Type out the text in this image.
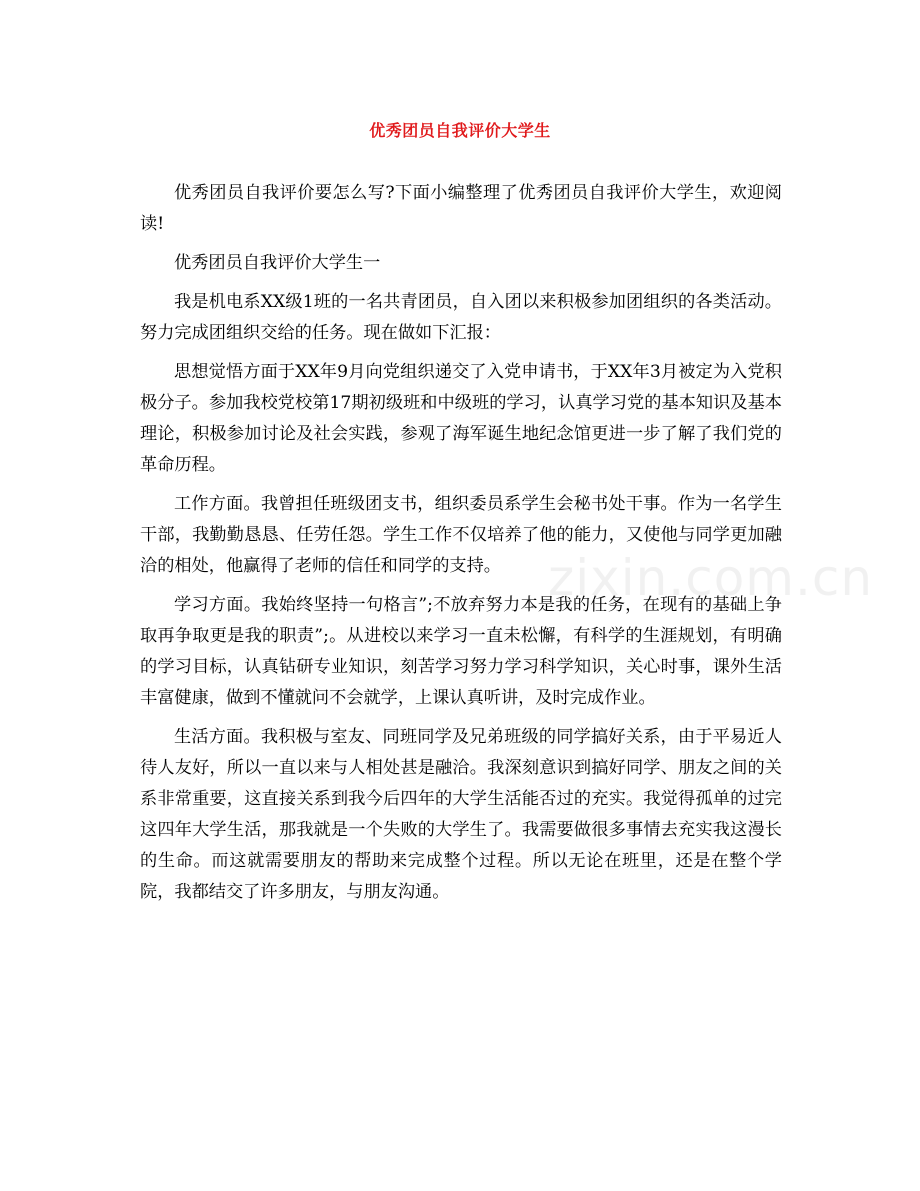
优秀团员自我评价大学生

优秀团员自我评价要怎么写?下面小编整理了优秀团员自我评价大学生，欢迎阅读!

优秀团员自我评价大学生一

我是机电系XX级1班的一名共青团员，自入团以来积极参加团组织的各类活动。努力完成团组织交给的任务。现在做如下汇报：

思想觉悟方面于XX年9月向党组织递交了入党申请书，于XX年3月被定为入党积极分子。参加我校党校第17期初级班和中级班的学习，认真学习党的基本知识及基本理论，积极参加讨论及社会实践，参观了海军诞生地纪念馆更进一步了解了我们党的革命历程。

工作方面。我曾担任班级团支书，组织委员系学生会秘书处干事。作为一名学生干部，我勤勤恳恳、任劳任怨。学生工作不仅培养了他的能力，又使他与同学更加融洽的相处，他赢得了老师的信任和同学的支持。

学习方面。我始终坚持一句格言”;不放弃努力本是我的任务，在现有的基础上争取再争取更是我的职责”;。从进校以来学习一直未松懈，有科学的生涯规划，有明确的学习目标，认真钻研专业知识，刻苦学习努力学习科学知识，关心时事，课外生活丰富健康，做到不懂就问不会就学，上课认真听讲，及时完成作业。

生活方面。我积极与室友、同班同学及兄弟班级的同学搞好关系，由于平易近人待人友好，所以一直以来与人相处甚是融洽。我深刻意识到搞好同学、朋友之间的关系非常重要，这直接关系到我今后四年的大学生活能否过的充实。我觉得孤单的过完这四年大学生活，那我就是一个失败的大学生了。我需要做很多事情去充实我这漫长的生命。而这就需要朋友的帮助来完成整个过程。所以无论在班里，还是在整个学院，我都结交了许多朋友，与朋友沟通。

zixin.com.cn
